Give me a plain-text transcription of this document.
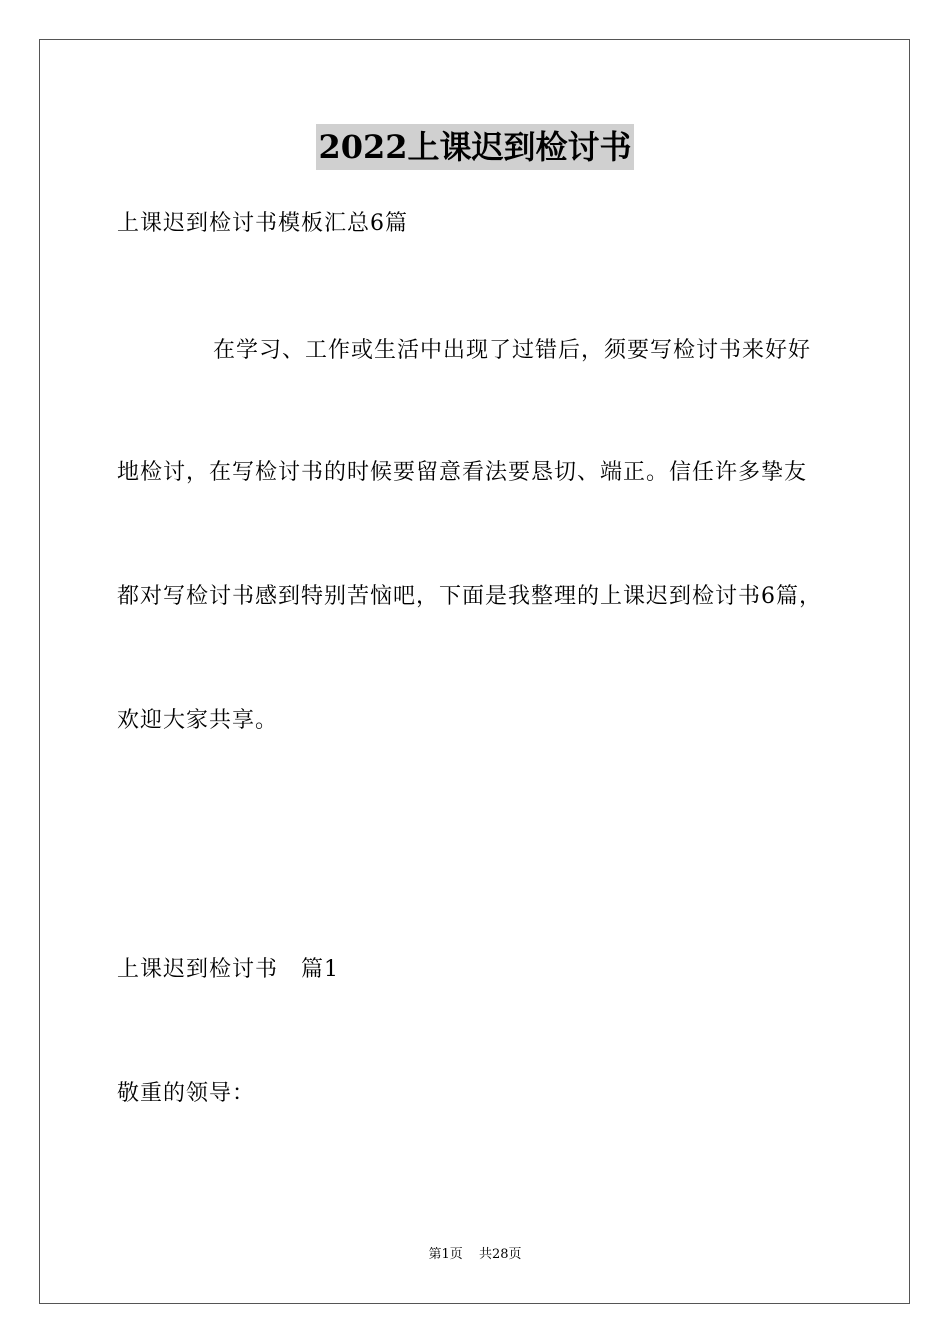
2022上课迟到检讨书
上课迟到检讨书模板汇总6篇
在学习、工作或生活中出现了过错后，须要写检讨书来好好
地检讨，在写检讨书的时候要留意看法要恳切、端正。信任许多挚友
都对写检讨书感到特别苦恼吧，下面是我整理的上课迟到检讨书6篇，
欢迎大家共享。
上课迟到检讨书　篇1
敬重的领导：
第1页 共28页
